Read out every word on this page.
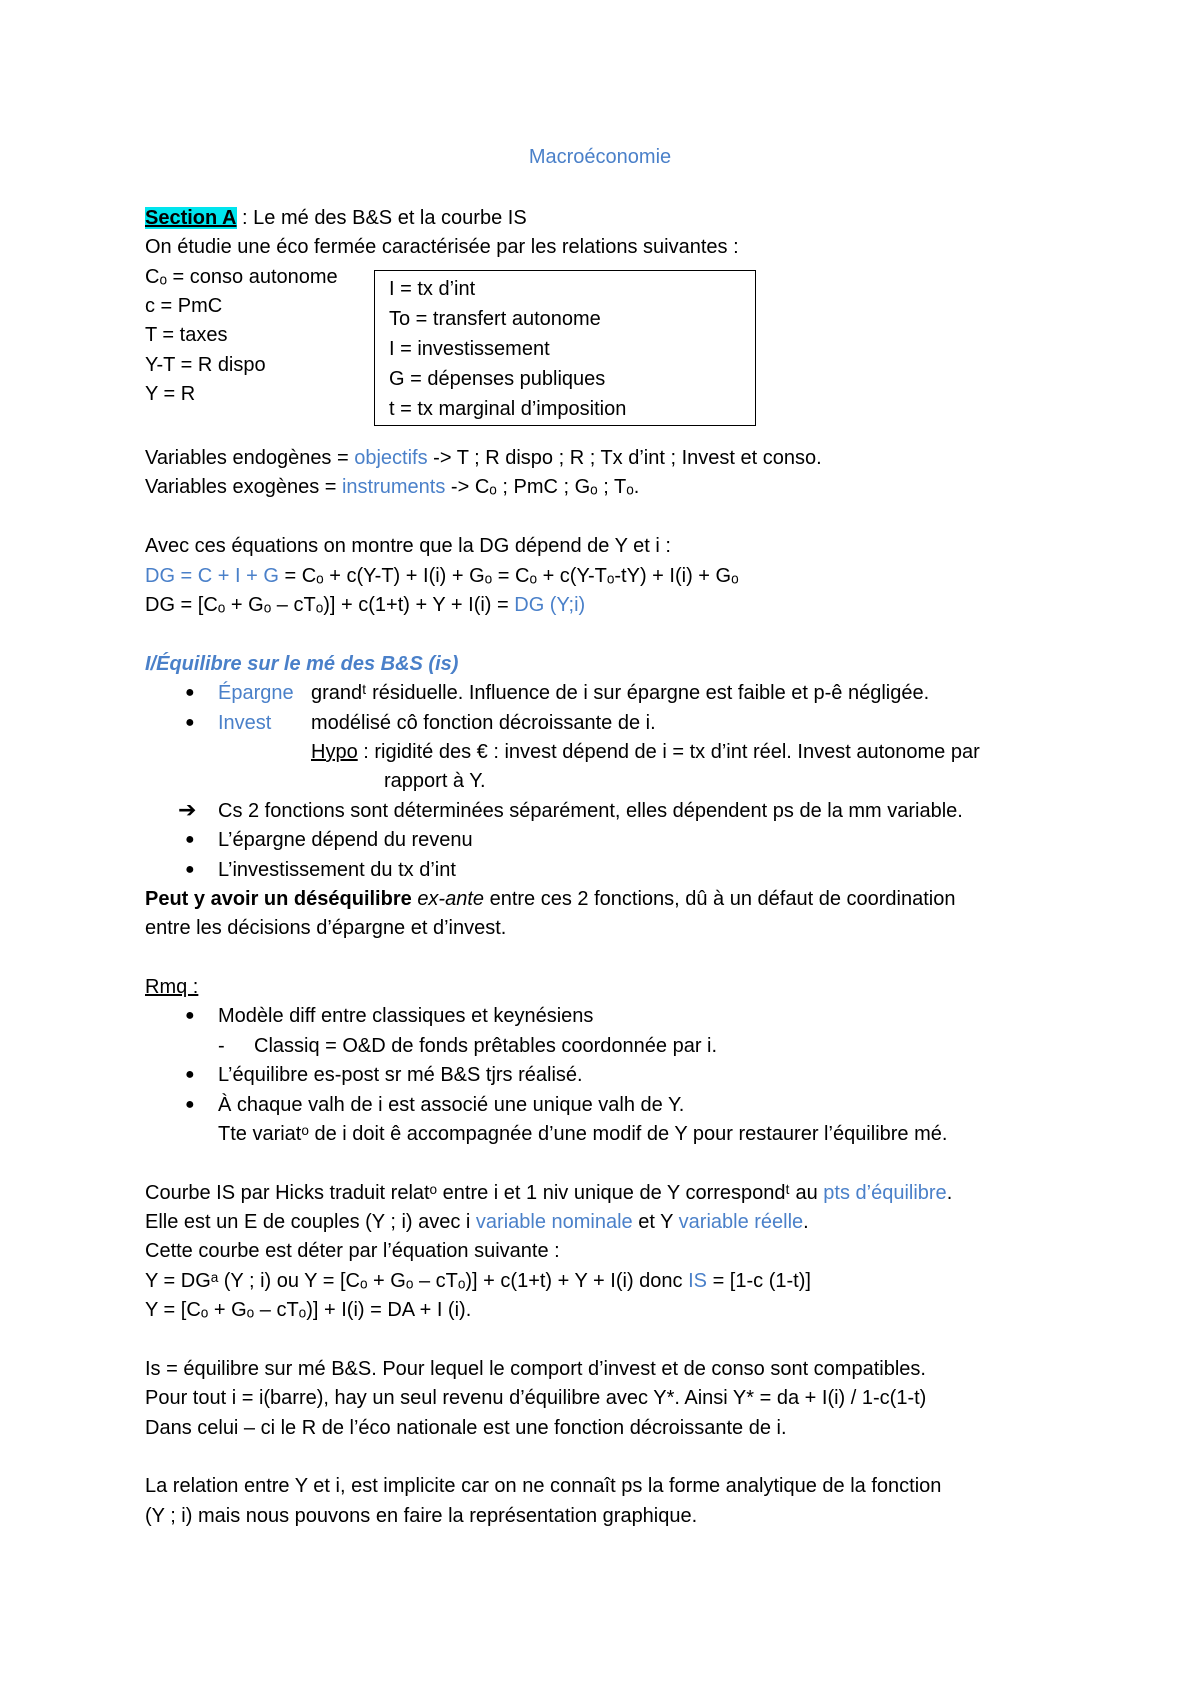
Macroéconomie
Section A : Le mé des B&S et la courbe IS
On étudie une éco fermée caractérisée par les relations suivantes :
Cₒ = conso autonome
c = PmC
T = taxes
Y-T = R dispo
Y = R
I = tx d’int
To = transfert autonome
I = investissement
G = dépenses publiques
t = tx marginal d’imposition
Variables endogènes = objectifs -> T ; R dispo ; R ; Tx d’int ; Invest et conso.
Variables exogènes = instruments -> Cₒ ; PmC ; Gₒ ; Tₒ.
Avec ces équations on montre que la DG dépend de Y et i :
DG = C + I + G = Cₒ + c(Y-T) + I(i) + Gₒ = Cₒ + c(Y-Tₒ-tY) + I(i) + Gₒ
DG = [Cₒ + Gₒ – cTₒ)] + c(1+t) + Y + I(i) = DG (Y;i)
I/Équilibre sur le mé des B&S (is)
● Épargne grandᵗ résiduelle. Influence de i sur épargne est faible et p-ê négligée.
● Invest modélisé cô fonction décroissante de i.
Hypo : rigidité des € : invest dépend de i = tx d’int réel. Invest autonome par
rapport à Y.
➔ Cs 2 fonctions sont déterminées séparément, elles dépendent ps de la mm variable.
● L’épargne dépend du revenu
● L’investissement du tx d’int
Peut y avoir un déséquilibre ex-ante entre ces 2 fonctions, dû à un défaut de coordination
entre les décisions d’épargne et d’invest.
Rmq :
● Modèle diff entre classiques et keynésiens
- Classiq = O&D de fonds prêtables coordonnée par i.
● L’équilibre es-post sr mé B&S tjrs réalisé.
● À chaque valh de i est associé une unique valh de Y.
Tte variatᵒ de i doit ê accompagnée d’une modif de Y pour restaurer l’équilibre mé.
Courbe IS par Hicks traduit relatᵒ entre i et 1 niv unique de Y correspondᵗ au pts d’équilibre.
Elle est un E de couples (Y ; i) avec i variable nominale et Y variable réelle.
Cette courbe est déter par l’équation suivante :
Y = DGᵃ (Y ; i) ou Y = [Cₒ + Gₒ – cTₒ)] + c(1+t) + Y + I(i) donc IS = [1-c (1-t)]
Y = [Cₒ + Gₒ – cTₒ)] + I(i) = DA + I (i).
Is = équilibre sur mé B&S. Pour lequel le comport d’invest et de conso sont compatibles.
Pour tout i = i(barre), hay un seul revenu d’équilibre avec Y*. Ainsi Y* = da + I(i) / 1-c(1-t)
Dans celui – ci le R de l’éco nationale est une fonction décroissante de i.
La relation entre Y et i, est implicite car on ne connaît ps la forme analytique de la fonction
(Y ; i) mais nous pouvons en faire la représentation graphique.
